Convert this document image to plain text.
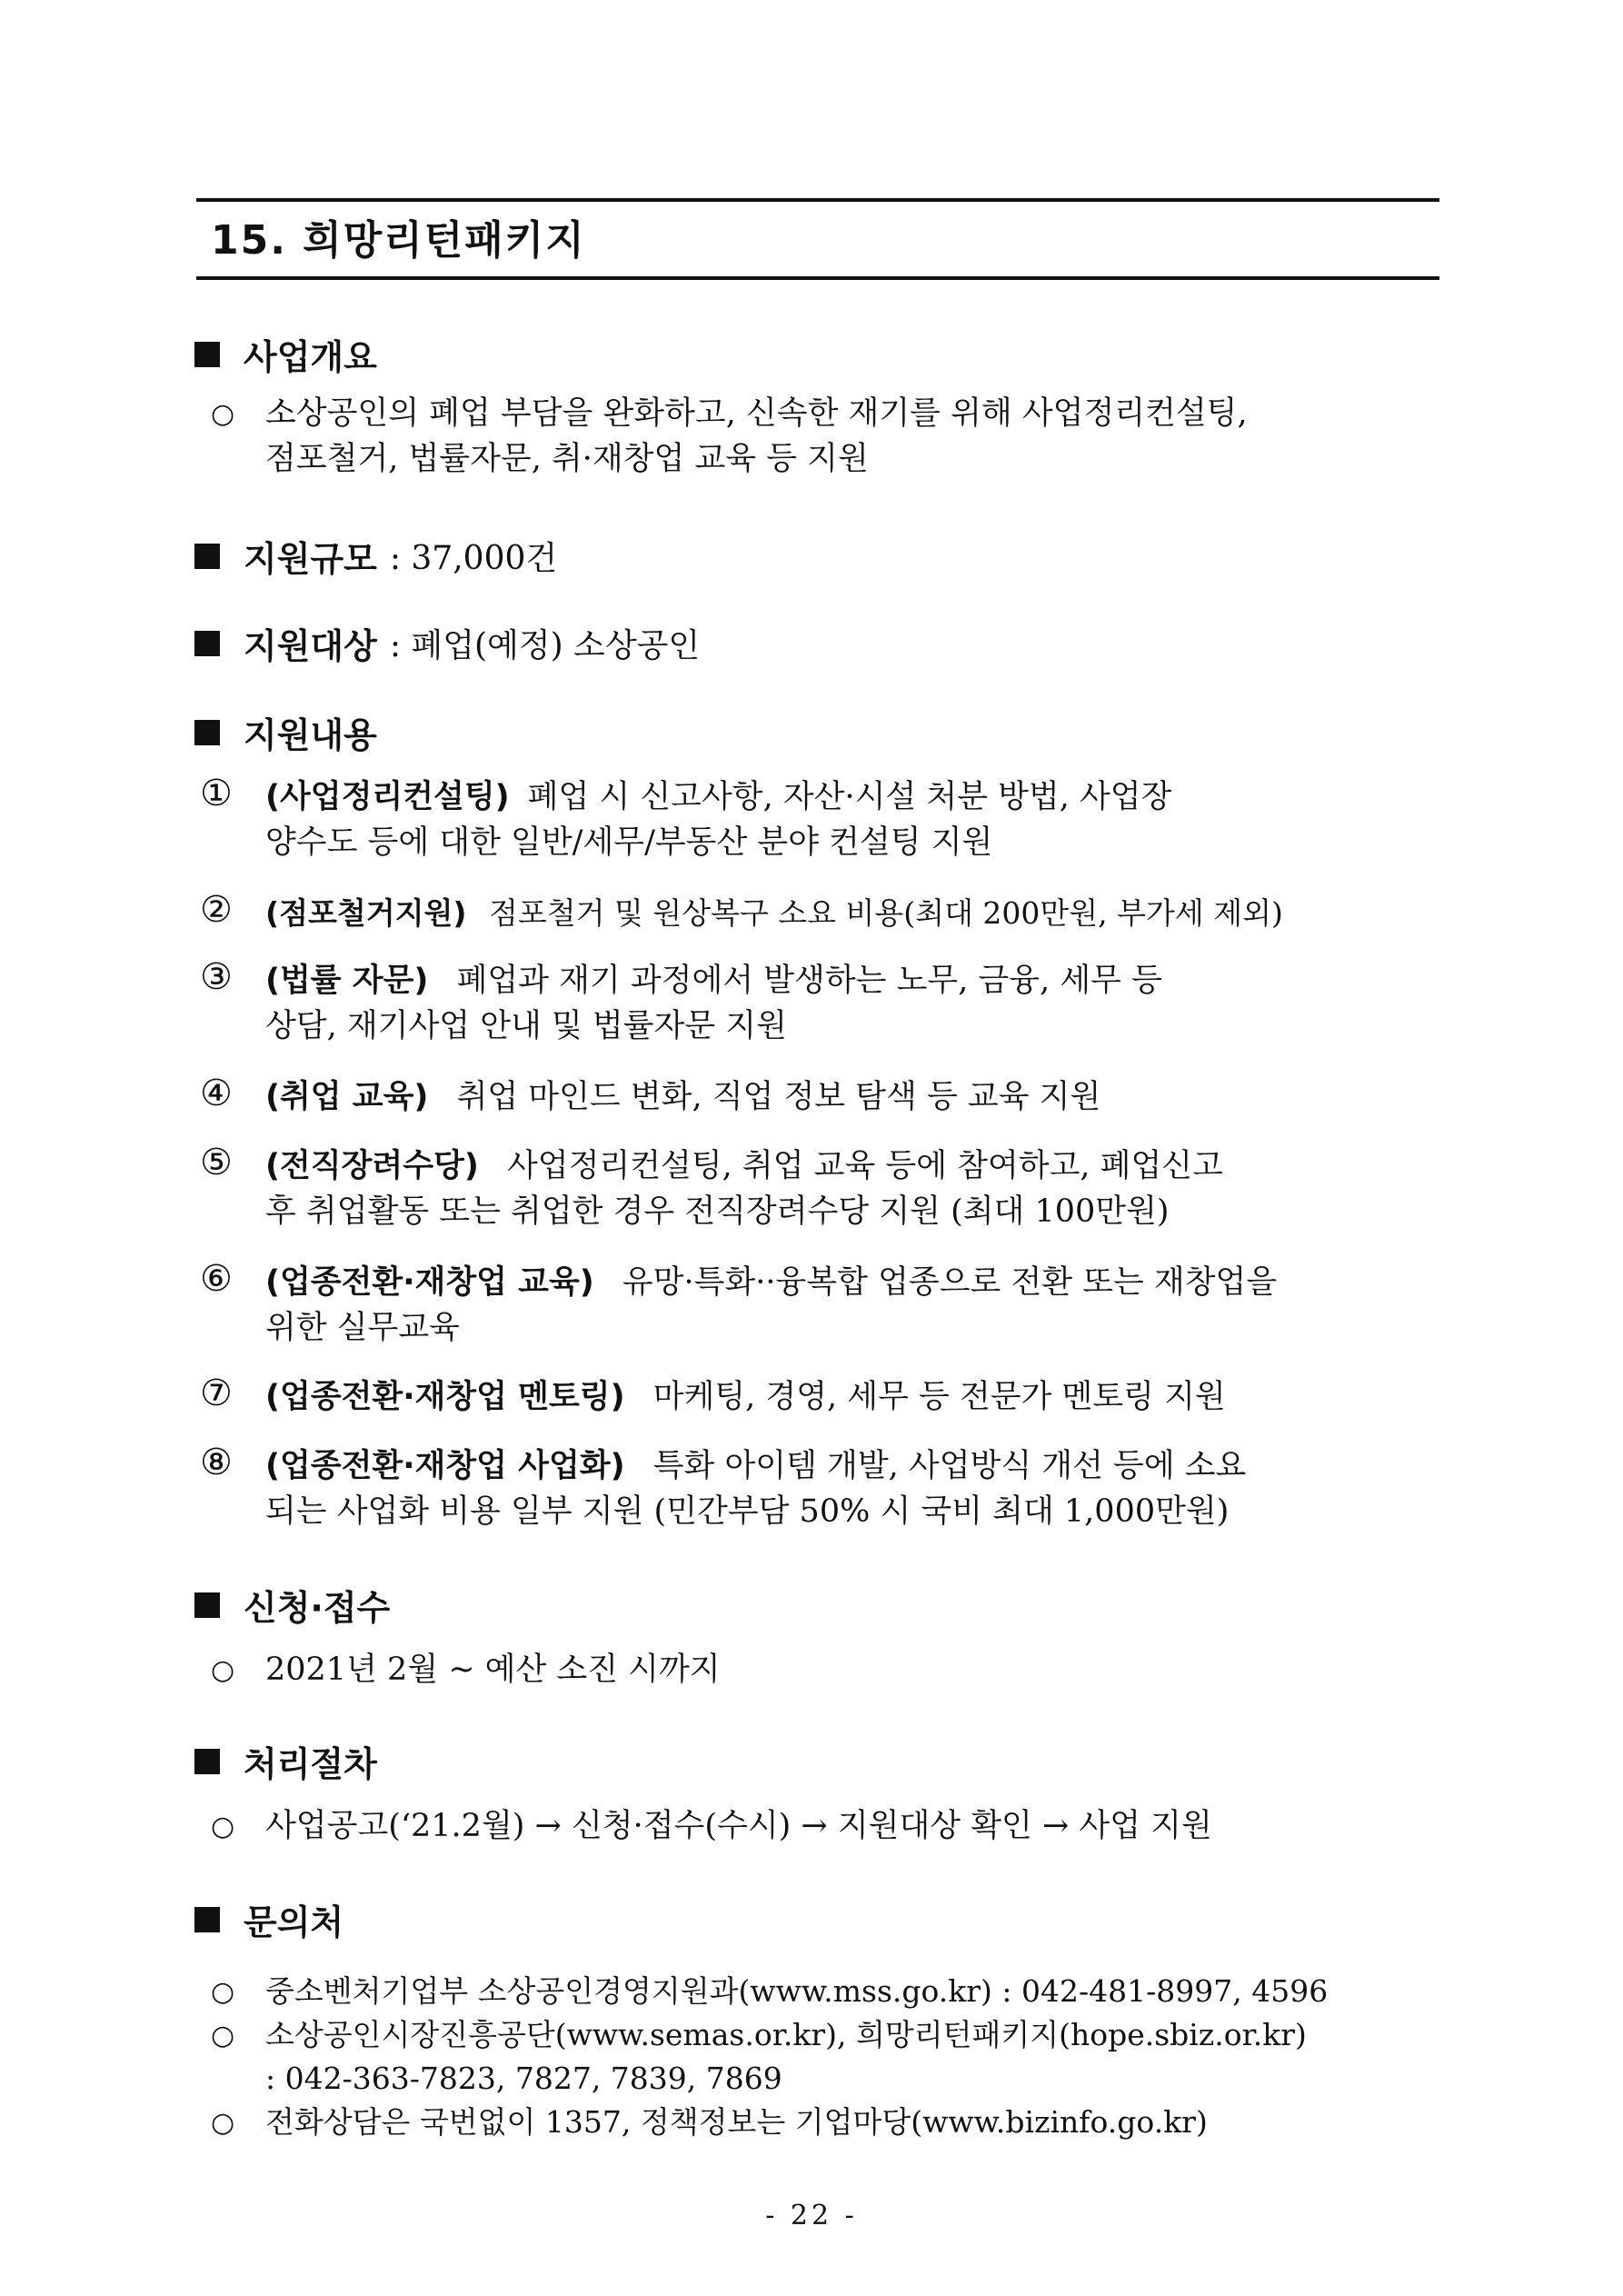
15. 희망리턴패키지
사업개요
○ 소상공인의 폐업 부담을 완화하고, 신속한 재기를 위해 사업정리컨설팅,
점포철거, 법률자문, 취·재창업 교육 등 지원
지원규모 : 37,000건
지원대상 : 폐업(예정) 소상공인
지원내용
① (사업정리컨설팅) 폐업 시 신고사항, 자산·시설 처분 방법, 사업장
양수도 등에 대한 일반/세무/부동산 분야 컨설팅 지원
② (점포철거지원) 점포철거 및 원상복구 소요 비용(최대 200만원, 부가세 제외)
③ (법률 자문) 폐업과 재기 과정에서 발생하는 노무, 금융, 세무 등
상담, 재기사업 안내 및 법률자문 지원
④ (취업 교육) 취업 마인드 변화, 직업 정보 탐색 등 교육 지원
⑤ (전직장려수당) 사업정리컨설팅, 취업 교육 등에 참여하고, 폐업신고
후 취업활동 또는 취업한 경우 전직장려수당 지원 (최대 100만원)
⑥ (업종전환·재창업 교육) 유망·특화··융복합 업종으로 전환 또는 재창업을
위한 실무교육
⑦ (업종전환·재창업 멘토링) 마케팅, 경영, 세무 등 전문가 멘토링 지원
⑧ (업종전환·재창업 사업화) 특화 아이템 개발, 사업방식 개선 등에 소요
되는 사업화 비용 일부 지원 (민간부담 50% 시 국비 최대 1,000만원)
신청·접수
○ 2021년 2월 ~ 예산 소진 시까지
처리절차
○ 사업공고(‘21.2월) → 신청·접수(수시) → 지원대상 확인 → 사업 지원
문의처
○ 중소벤처기업부 소상공인경영지원과(www.mss.go.kr) : 042-481-8997, 4596
○ 소상공인시장진흥공단(www.semas.or.kr), 희망리턴패키지(hope.sbiz.or.kr)
: 042-363-7823, 7827, 7839, 7869
○ 전화상담은 국번없이 1357, 정책정보는 기업마당(www.bizinfo.go.kr)
- 22 -
